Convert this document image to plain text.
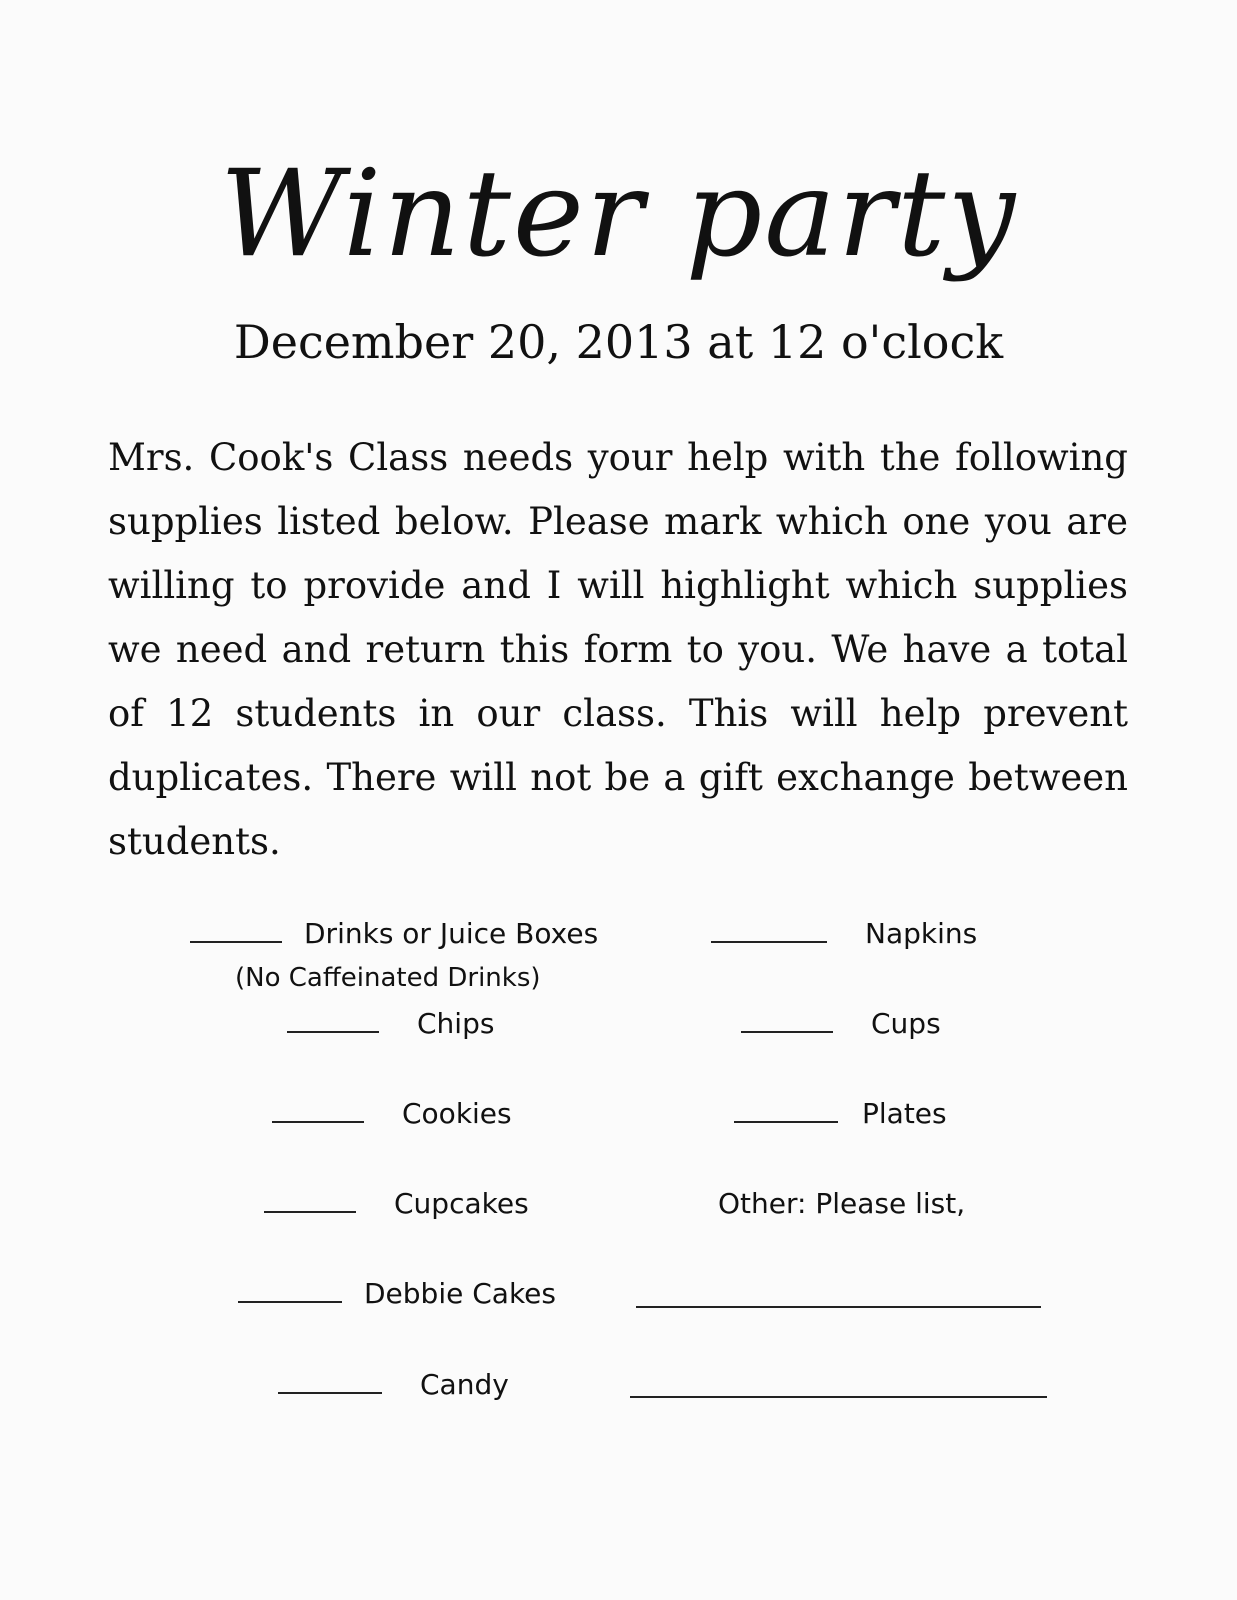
Winter party
December 20, 2013 at 12 o'clock
Mrs. Cook's Class needs your help with the following supplies listed below. Please mark which one you are willing to provide and I will highlight which supplies we need and return this form to you. We have a total of 12 students in our class. This will help prevent duplicates. There will not be a gift exchange between students.
Drinks or Juice Boxes
(No Caffeinated Drinks)
Chips
Cookies
Cupcakes
Debbie Cakes
Candy
Napkins
Cups
Plates
Other: Please list,
